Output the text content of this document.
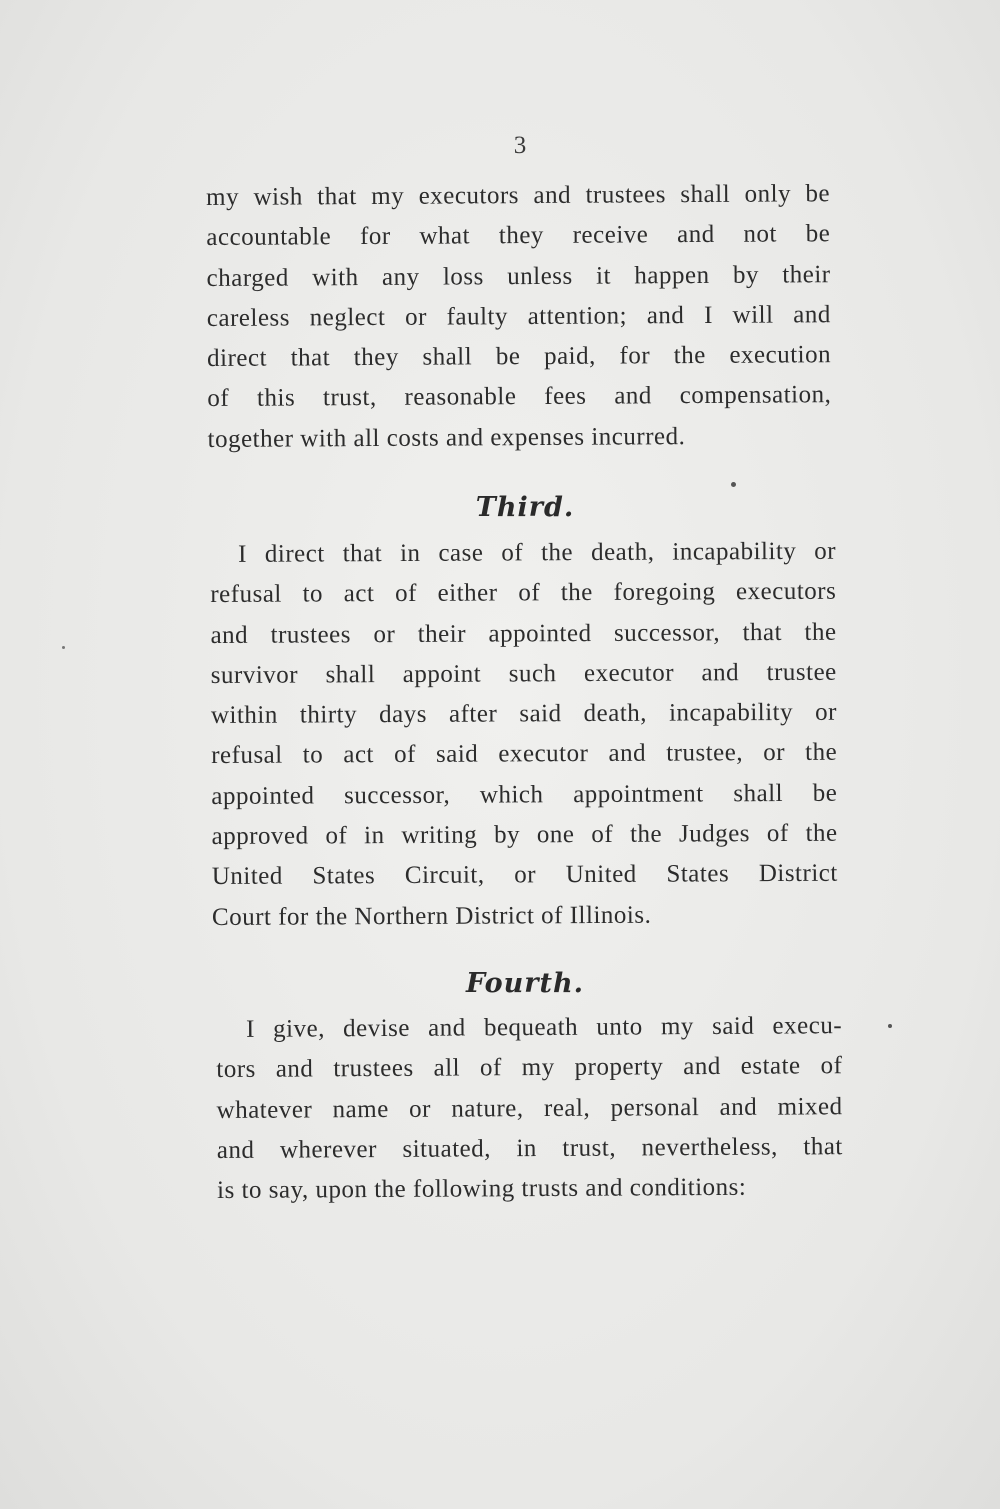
3
my wish that my executors and trustees shall only be
accountable for what they receive and not be
charged with any loss unless it happen by their
careless neglect or faulty attention; and I will and
direct that they shall be paid, for the execution
of this trust, reasonable fees and compensation,
together with all costs and expenses incurred.
Third.
I direct that in case of the death, incapability or
refusal to act of either of the foregoing executors
and trustees or their appointed successor, that the
survivor shall appoint such executor and trustee
within thirty days after said death, incapability or
refusal to act of said executor and trustee, or the
appointed successor, which appointment shall be
approved of in writing by one of the Judges of the
United States Circuit, or United States District
Court for the Northern District of Illinois.
Fourth.
I give, devise and bequeath unto my said execu-
tors and trustees all of my property and estate of
whatever name or nature, real, personal and mixed
and wherever situated, in trust, nevertheless, that
is to say, upon the following trusts and conditions:
